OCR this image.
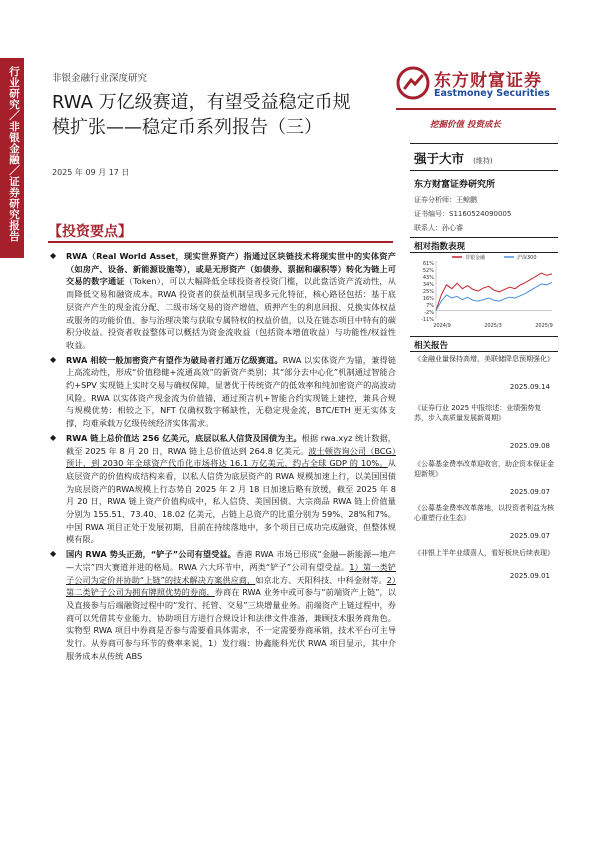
行业研究／非银金融／证券研究报告	非银金融行业深度研究
RWA 万亿级赛道，有望受益稳定币规
模扩张——稳定币系列报告（三）
2025 年 09 月 17 日
东方财富证券
Eastmoney Securities
挖掘价值 投资成长
强于大市 (维持)
东方财富证券研究所
证券分析师：王鲸鹏
证书编号：S1160524090005
联系人：孙心睿
相对指数表现
非银金融	沪深300
61%
52%
43%
34%
25%
16%
7%
-2%
-11%
2024/9	2025/3	2025/9
相关报告
《金融业量保持高增，美联储降息预期强化》
2025.09.14
《证券行业 2025 中报综述：业绩强势复苏，步入高质量发展新周期》
2025.09.08
《公募基金费率改革迎收官，助企资本保证金迎新规》
2025.09.07
《公募基金费率改革落地，以投资者利益为核心重塑行业生态》
2025.09.07
《非银上半年业绩喜人，看好板块后续表现》
2025.09.01
【投资要点】
◆ RWA（Real World Asset，现实世界资产）指通过区块链技术将现实世中的实体资产（如房产、设备、新能源设施等），或是无形资产（如债券、票据和碳积等）转化为链上可交易的数字通证（Token），可以大幅降低全球投资者投资门槛，以此盘活资产流动性，从而降低交易和融资成本。RWA 投资者的获益机制呈现多元化特征，核心路径包括：基于底层资产产生的现金流分配、二级市场交易的资产增值、质押产生的利息回报、兑换实体权益或服务的功能价值、参与治理决策与获取专属特权的权益价值，以及在链态项目中特有的碳积分收益。投资者收益整体可以概括为资金流收益（包括资本增值收益）与功能性/权益性收益。
◆ RWA 相较一般加密资产有望作为破局者打通万亿级赛道。RWA 以实体资产为锚，兼得链上高流动性，形成“价值稳健+流通高效”的新资产类别；其“部分去中心化”机制通过智能合约+SPV 实现链上实时交易与确权保障，显著优于传统资产的低效率和纯加密资产的高波动风险。RWA 以实体资产现金流为价值锚，通过预言机+智能合约实现链上建控，兼具合规与规模优势：相较之下，NFT 仅确权数字稀缺性，无稳定现金流，BTC/ETH 更无实体支撑，均难承载万亿级传统经济实体需求。
◆ RWA 链上总价值达 256 亿美元，底层以私人信贷及国债为主。根据 rwa.xyz 统计数据，截至 2025 年 8 月 20 日，RWA 链上总价值达到 264.8 亿美元。波士顿咨询公司（BCG）预计，到 2030 年全球资产代币化市场将达 16.1 万亿美元，约占全球 GDP 的 10%。从底层资产的价值构成结构来看，以私人信贷为底层资产的 RWA 规模加速上行，以美国国债为底层资产的RWA规模上行态势自 2025 年 2 月 18 日加速后略有放缓，截至 2025 年 8 月 20 日，RWA 链上资产价值构成中，私人信贷、美国国债、大宗商品 RWA 链上价值量分别为 155.51、73.40、18.02 亿美元，占链上总资产的比重分别为 59%、28%和7%。中国 RWA 项目正处于发展初期，目前在持续落地中，多个项目已成功完成融资，但整体规模有限。
◆ 国内 RWA 势头正劲，“铲子”公司有望受益。香港 RWA 市场已形成“金融—新能源—地产—大宗”四大赛道并进的格局。RWA 六大环节中，两类“铲子”公司有望受益。1）第一类铲子公司为定价并协助“上链”的技术解决方案供应商，如京北方、天阳科技、中科金财等。2）第二类铲子公司为拥有牌照优势的券商，券商在 RWA 业务中或可参与“前端资产上链”，以及直接参与后端融资过程中的“发行、托管、交易”三块增量业务。前端资产上链过程中，券商可以凭借其专业能力，协助项目方进行合规设计和法律文件准备，兼顾技术服务商角色。实物型 RWA 项目中券商是否参与需要看具体需求，不一定需要券商承销，技术平台可主导发行。从券商可参与环节的费率来说，1）发行端：协鑫能科光伏 RWA 项目显示，其中介服务成本从传统 ABS
